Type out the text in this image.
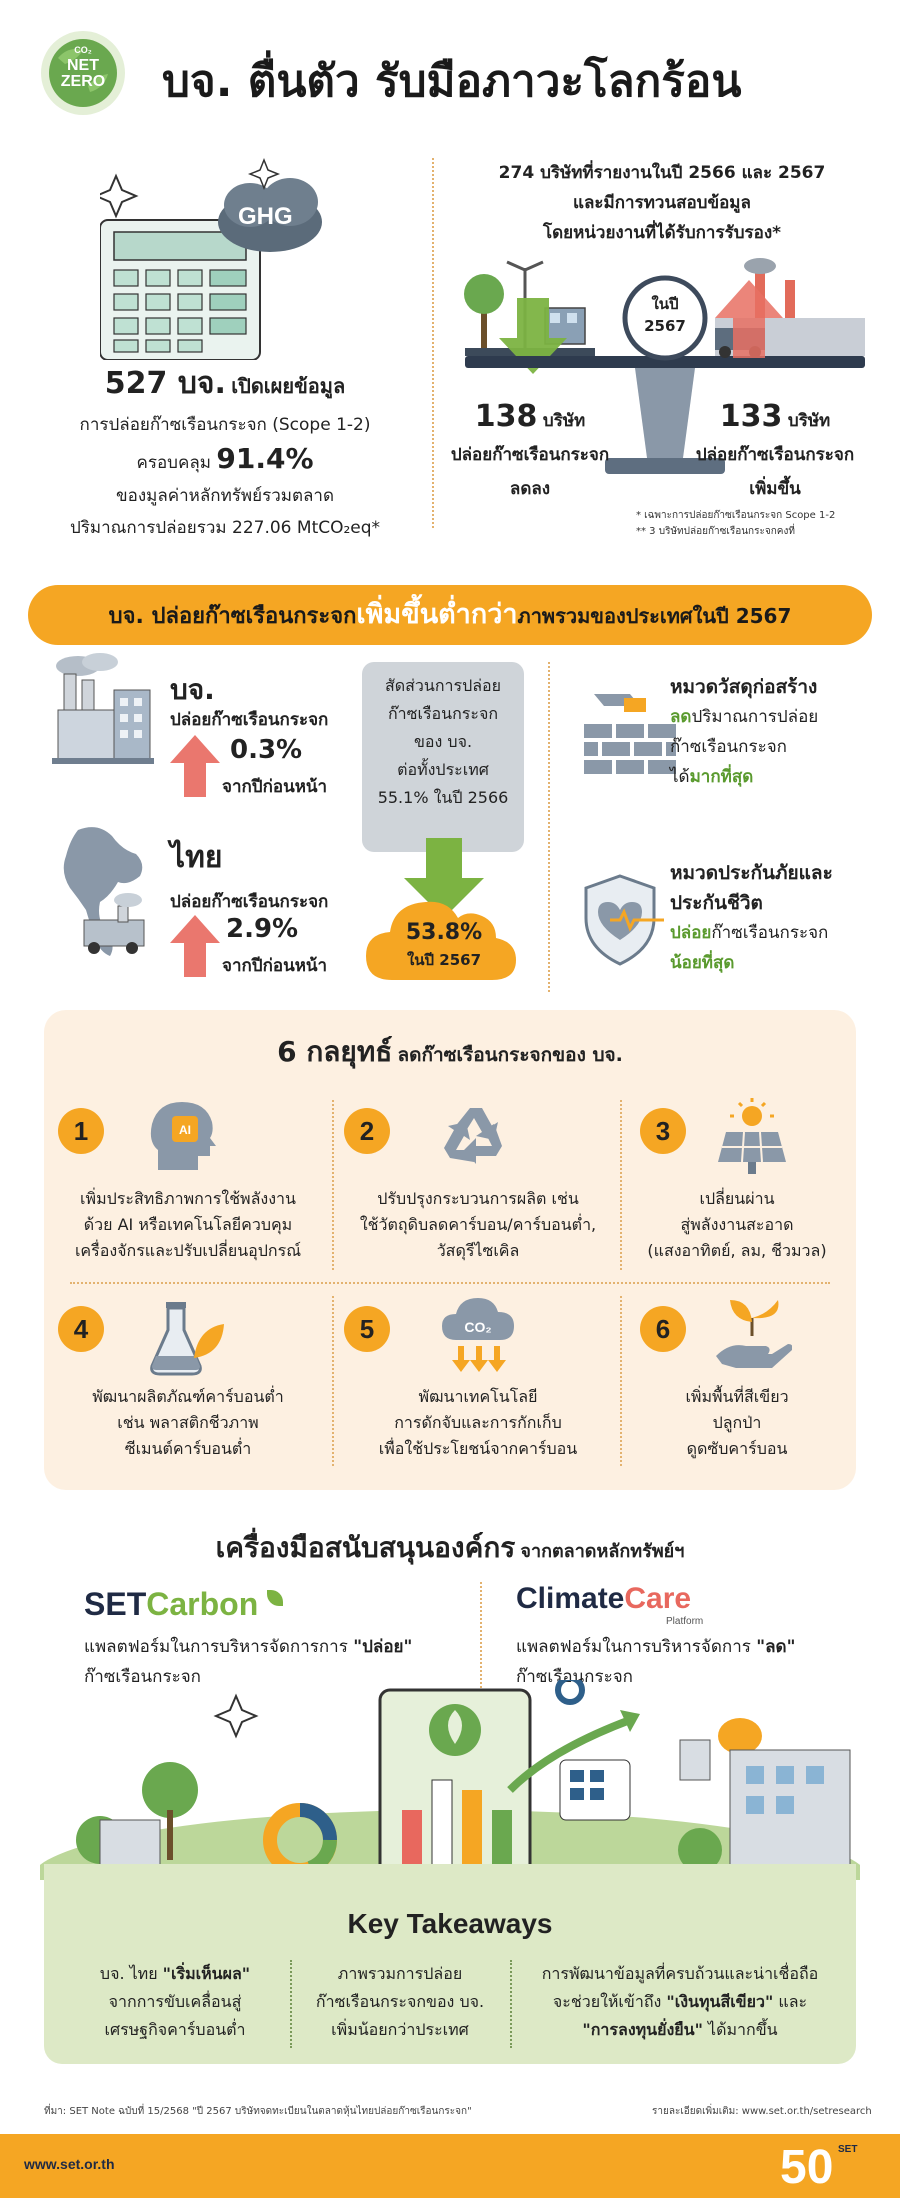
CO₂
NET
ZERO บจ. ตื่นตัว รับมือภาวะโลกร้อน
GHG
527 บจ. เปิดเผยข้อมูล
การปล่อยก๊าซเรือนกระจก (Scope 1-2)
ครอบคลุม 91.4%
ของมูลค่าหลักทรัพย์รวมตลาด
ปริมาณการปล่อยรวม 227.06 MtCO₂eq*
274 บริษัทที่รายงานในปี 2566 และ 2567
และมีการทวนสอบข้อมูล
โดยหน่วยงานที่ได้รับการรับรอง*
ในปี
2567
138 บริษัท
ปล่อยก๊าซเรือนกระจก
ลดลง
133 บริษัท
ปล่อยก๊าซเรือนกระจก
เพิ่มขึ้น
* เฉพาะการปล่อยก๊าซเรือนกระจก Scope 1-2
** 3 บริษัทปล่อยก๊าซเรือนกระจกคงที่
บจ. ปล่อยก๊าซเรือนกระจกเพิ่มขึ้นต่ำกว่าภาพรวมของประเทศในปี 2567
บจ.
ปล่อยก๊าซเรือนกระจก
0.3%
จากปีก่อนหน้า
ไทย
ปล่อยก๊าซเรือนกระจก
2.9%
จากปีก่อนหน้า
สัดส่วนการปล่อย
ก๊าซเรือนกระจก
ของ บจ.
ต่อทั้งประเทศ
55.1% ในปี 2566
53.8%
ในปี 2567
หมวดวัสดุก่อสร้าง
ลดปริมาณการปล่อย
ก๊าซเรือนกระจก
ได้มากที่สุด
หมวดประกันภัยและ
ประกันชีวิต
ปล่อยก๊าซเรือนกระจก
น้อยที่สุด
6 กลยุทธ์ ลดก๊าซเรือนกระจกของ บจ.
1	AI
เพิ่มประสิทธิภาพการใช้พลังงาน
ด้วย AI หรือเทคโนโลยีควบคุม
เครื่องจักรและปรับเปลี่ยนอุปกรณ์
2
ปรับปรุงกระบวนการผลิต เช่น
ใช้วัตถุดิบลดคาร์บอน/คาร์บอนต่ำ,
วัสดุรีไซเคิล
3
เปลี่ยนผ่าน
สู่พลังงานสะอาด
(แสงอาทิตย์, ลม, ชีวมวล)
4
พัฒนาผลิตภัณฑ์คาร์บอนต่ำ
เช่น พลาสติกชีวภาพ
ซีเมนต์คาร์บอนต่ำ
5	CO₂
พัฒนาเทคโนโลยี
การดักจับและการกักเก็บ
เพื่อใช้ประโยชน์จากคาร์บอน
6
เพิ่มพื้นที่สีเขียว
ปลูกป่า
ดูดซับคาร์บอน
เครื่องมือสนับสนุนองค์กร จากตลาดหลักทรัพย์ฯ
SETCarbon
แพลตฟอร์มในการบริหารจัดการการ "ปล่อย"
ก๊าซเรือนกระจก
ClimateCare
Platform
แพลตฟอร์มในการบริหารจัดการ "ลด"
ก๊าซเรือนกระจก
Key Takeaways
บจ. ไทย "เริ่มเห็นผล"
จากการขับเคลื่อนสู่
เศรษฐกิจคาร์บอนต่ำ
ภาพรวมการปล่อย
ก๊าซเรือนกระจกของ บจ.
เพิ่มน้อยกว่าประเทศ
การพัฒนาข้อมูลที่ครบถ้วนและน่าเชื่อถือ
จะช่วยให้เข้าถึง "เงินทุนสีเขียว" และ
"การลงทุนยั่งยืน" ได้มากขึ้น
ที่มา: SET Note ฉบับที่ 15/2568 "ปี 2567 บริษัทจดทะเบียนในตลาดหุ้นไทยปล่อยก๊าซเรือนกระจก"	รายละเอียดเพิ่มเติม: www.set.or.th/setresearch
www.set.or.th	50 SET
